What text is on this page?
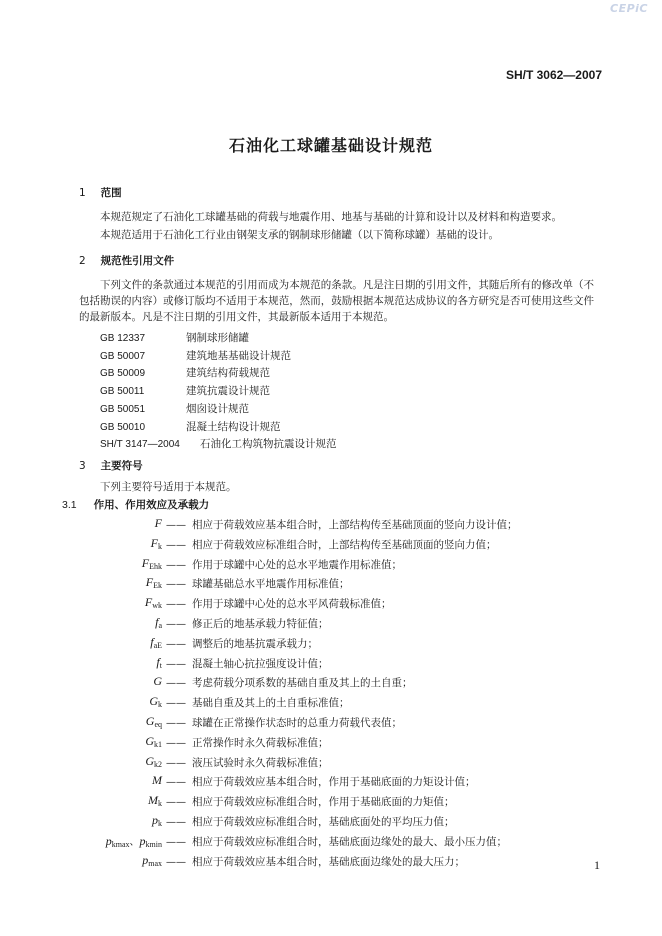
CEPiC
SH/T 3062—2007
石油化工球罐基础设计规范
1 范围
本规范规定了石油化工球罐基础的荷载与地震作用、地基与基础的计算和设计以及材料和构造要求。
本规范适用于石油化工行业由钢架支承的钢制球形储罐（以下简称球罐）基础的设计。
2 规范性引用文件
下列文件的条款通过本规范的引用而成为本规范的条款。凡是注日期的引用文件，其随后所有的修改单（不包括勘误的内容）或修订版均不适用于本规范，然而，鼓励根据本规范达成协议的各方研究是否可使用这些文件的最新版本。凡是不注日期的引用文件，其最新版本适用于本规范。
GB 12337	钢制球形储罐
GB 50007	建筑地基基础设计规范
GB 50009	建筑结构荷载规范
GB 50011	建筑抗震设计规范
GB 50051	烟囱设计规范
GB 50010	混凝土结构设计规范
SH/T 3147—2004 石油化工构筑物抗震设计规范
3 主要符号
下列主要符号适用于本规范。
3.1 作用、作用效应及承载力
F —— 相应于荷载效应基本组合时，上部结构传至基础顶面的竖向力设计值；
$F_k$ —— 相应于荷载效应标准组合时，上部结构传至基础顶面的竖向力值；
$F_{Ehk}$ —— 作用于球罐中心处的总水平地震作用标准值；
$F_{Ek}$ —— 球罐基础总水平地震作用标准值；
$F_{wk}$ —— 作用于球罐中心处的总水平风荷载标准值；
$f_a$ —— 修正后的地基承载力特征值；
$f_{aE}$ —— 调整后的地基抗震承载力；
$f_t$ —— 混凝土轴心抗拉强度设计值；
G —— 考虑荷载分项系数的基础自重及其上的土自重；
$G_k$ —— 基础自重及其上的土自重标准值；
$G_{eq}$ —— 球罐在正常操作状态时的总重力荷载代表值；
$G_{k1}$ —— 正常操作时永久荷载标准值；
$G_{k2}$ —— 液压试验时永久荷载标准值；
M —— 相应于荷载效应基本组合时，作用于基础底面的力矩设计值；
$M_k$ —— 相应于荷载效应标准组合时，作用于基础底面的力矩值；
$p_k$ —— 相应于荷载效应标准组合时，基础底面处的平均压力值；
$p_{kmax}$、$p_{kmin}$ —— 相应于荷载效应标准组合时，基础底面边缘处的最大、最小压力值；
$p_{max}$ —— 相应于荷载效应基本组合时，基础底面边缘处的最大压力；	1
